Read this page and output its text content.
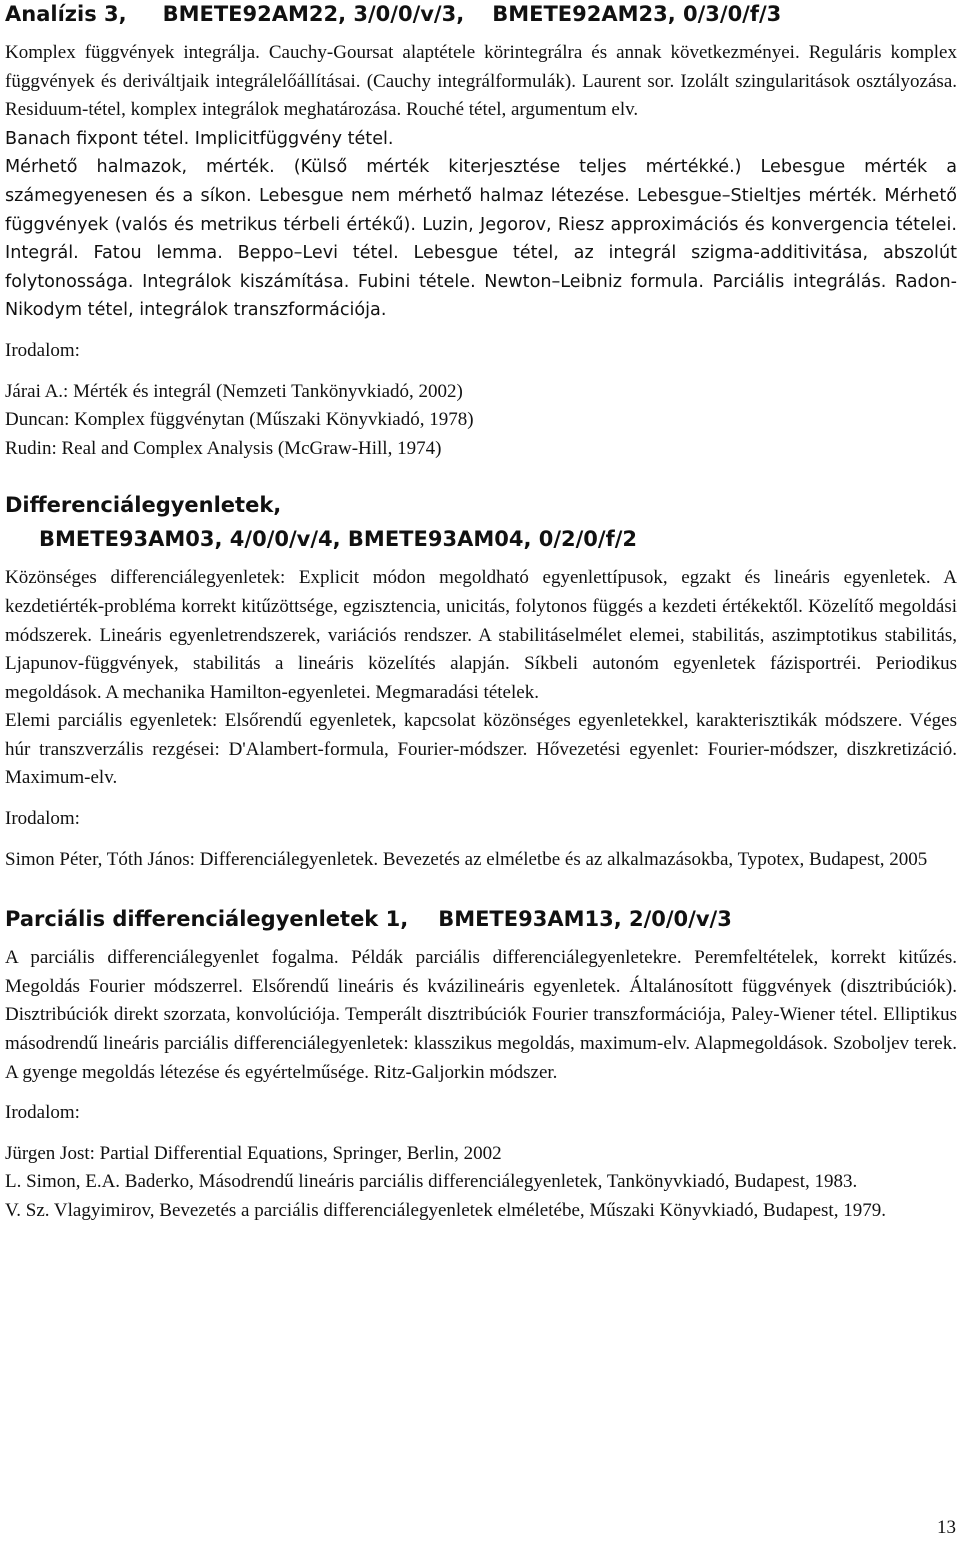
Analízis 3, BMETE92AM22, 3/0/0/v/3, BMETE92AM23, 0/3/0/f/3

Komplex függvények integrálja. Cauchy-Goursat alaptétele körintegrálra és annak következményei. Reguláris komplex függvények és deriváltjaik integrálelőállításai. (Cauchy integrálformulák). Laurent sor. Izolált szingularitások osztályozása. Residuum-tétel, komplex integrálok meghatározása. Rouché tétel, argumentum elv.

Banach fixpont tétel. Implicitfüggvény tétel.

Mérhető halmazok, mérték. (Külső mérték kiterjesztése teljes mértékké.) Lebesgue mérték a számegyenesen és a síkon. Lebesgue nem mérhető halmaz létezése. Lebesgue–Stieltjes mérték. Mérhető függvények (valós és metrikus térbeli értékű). Luzin, Jegorov, Riesz approximációs és konvergencia tételei. Integrál. Fatou lemma. Beppo–Levi tétel. Lebesgue tétel, az integrál szigma-additivitása, abszolút folytonossága. Integrálok kiszámítása. Fubini tétele. Newton–Leibniz formula. Parciális integrálás. Radon-Nikodym tétel, integrálok transzformációja.

Irodalom:

Járai A.: Mérték és integrál (Nemzeti Tankönyvkiadó, 2002)

Duncan: Komplex függvénytan (Műszaki Könyvkiadó, 1978)

Rudin: Real and Complex Analysis (McGraw-Hill, 1974)

Differenciálegyenletek,
BMETE93AM03, 4/0/0/v/4, BMETE93AM04, 0/2/0/f/2

Közönséges differenciálegyenletek: Explicit módon megoldható egyenlettípusok, egzakt és lineáris egyenletek. A kezdetiérték-probléma korrekt kitűzöttsége, egzisztencia, unicitás, folytonos függés a kezdeti értékektől. Közelítő megoldási módszerek. Lineáris egyenletrendszerek, variációs rendszer. A stabilitáselmélet elemei, stabilitás, aszimptotikus stabilitás, Ljapunov-függvények, stabilitás a lineáris közelítés alapján. Síkbeli autonóm egyenletek fázisportréi. Periodikus megoldások. A mechanika Hamilton-egyenletei. Megmaradási tételek.

Elemi parciális egyenletek: Elsőrendű egyenletek, kapcsolat közönséges egyenletekkel, karakterisztikák módszere. Véges húr transzverzális rezgései: D'Alambert-formula, Fourier-módszer. Hővezetési egyenlet: Fourier-módszer, diszkretizáció. Maximum-elv.

Irodalom:

Simon Péter, Tóth János: Differenciálegyenletek. Bevezetés az elméletbe és az alkalmazásokba, Typotex, Budapest, 2005

Parciális differenciálegyenletek 1, BMETE93AM13, 2/0/0/v/3

A parciális differenciálegyenlet fogalma. Példák parciális differenciálegyenletekre. Peremfeltételek, korrekt kitűzés. Megoldás Fourier módszerrel. Elsőrendű lineáris és kvázilineáris egyenletek. Általánosított függvények (disztribúciók). Disztribúciók direkt szorzata, konvolúciója. Temperált disztribúciók Fourier transzformációja, Paley-Wiener tétel. Elliptikus másodrendű lineáris parciális differenciálegyenletek: klasszikus megoldás, maximum-elv. Alapmegoldások. Szoboljev terek. A gyenge megoldás létezése és egyértelműsége. Ritz-Galjorkin módszer.

Irodalom:

Jürgen Jost: Partial Differential Equations, Springer, Berlin, 2002

L. Simon, E.A. Baderko, Másodrendű lineáris parciális differenciálegyenletek, Tankönyvkiadó, Budapest, 1983.

V. Sz. Vlagyimirov, Bevezetés a parciális differenciálegyenletek elméletébe, Műszaki Könyvkiadó, Budapest, 1979.

13
